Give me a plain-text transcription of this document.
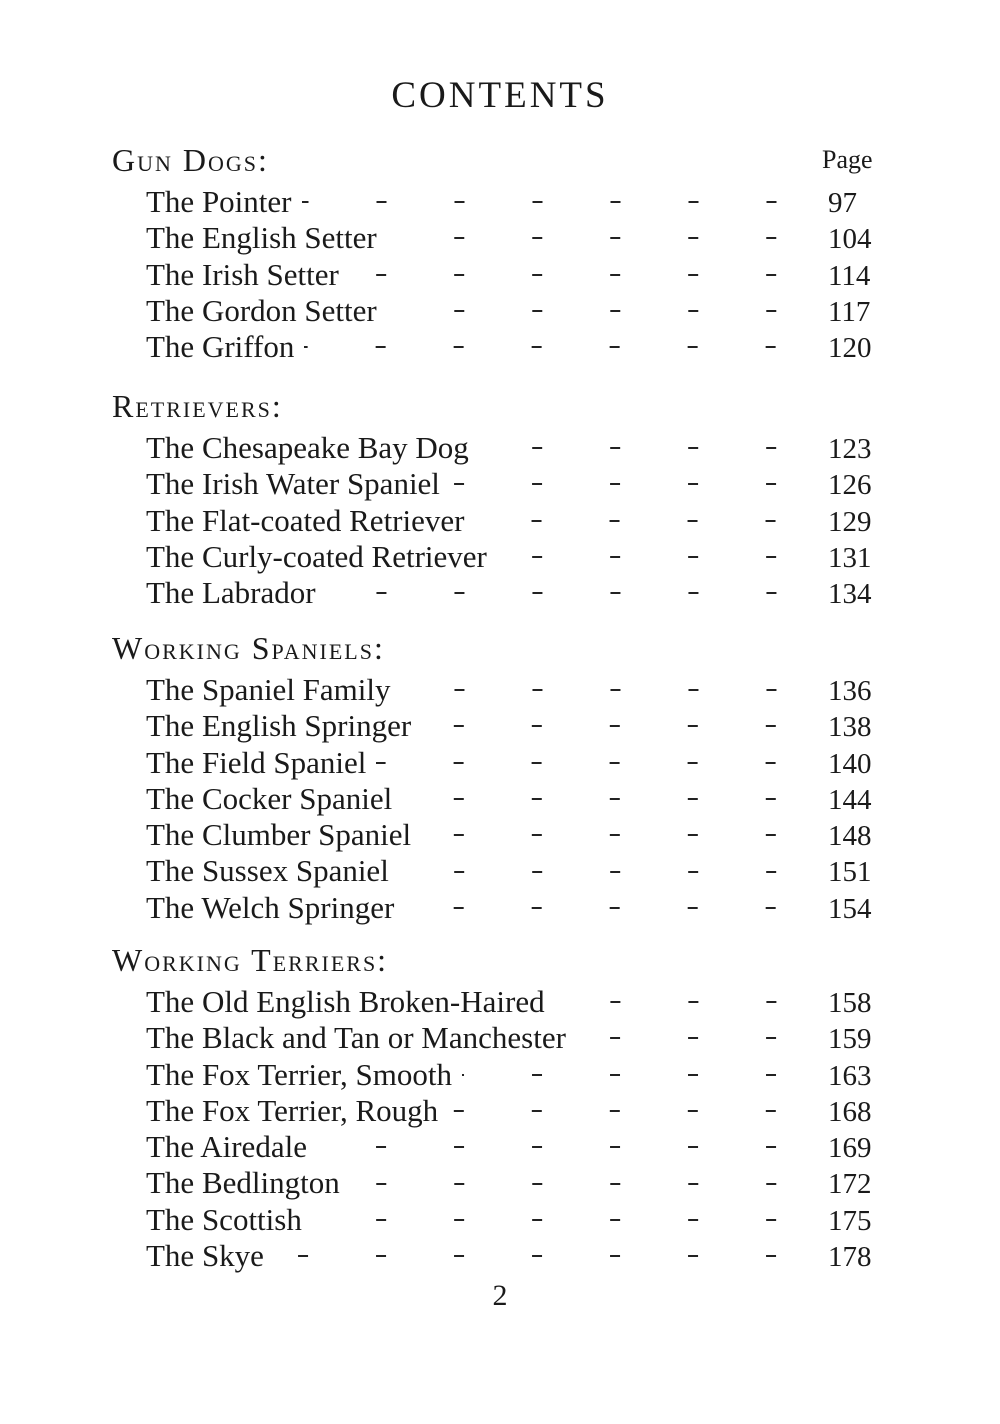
CONTENTS
Page
Gun Dogs:
The Pointer	97
The English Setter	104
The Irish Setter	114
The Gordon Setter	117
The Griffon	120
Retrievers:
The Chesapeake Bay Dog	123
The Irish Water Spaniel	126
The Flat-coated Retriever	129
The Curly-coated Retriever	131
The Labrador	134
Working Spaniels:
The Spaniel Family	136
The English Springer	138
The Field Spaniel	140
The Cocker Spaniel	144
The Clumber Spaniel	148
The Sussex Spaniel	151
The Welch Springer	154
Working Terriers:
The Old English Broken-Haired	158
The Black and Tan or Manchester	159
The Fox Terrier, Smooth	163
The Fox Terrier, Rough	168
The Airedale	169
The Bedlington	172
The Scottish	175
The Skye	178
2
